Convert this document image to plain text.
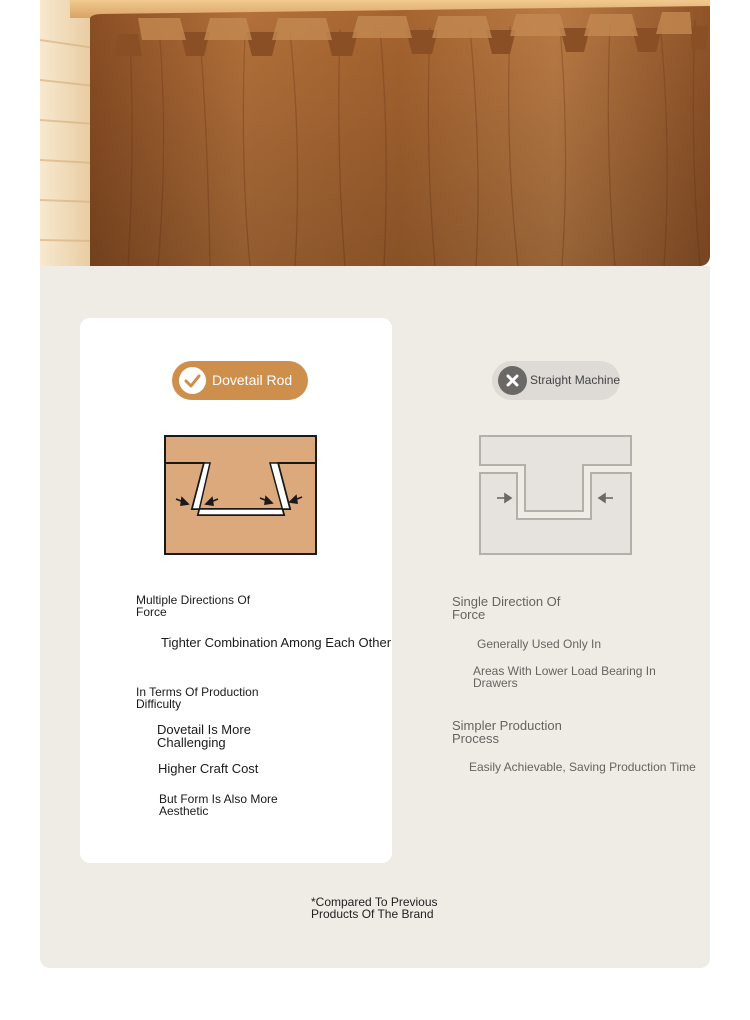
Dovetail Rod	Straight Machine
Multiple Directions Of Force
Tighter Combination Among Each Other
In Terms Of Production Difficulty
Dovetail Is More Challenging
Higher Craft Cost
But Form Is Also More Aesthetic
Single Direction Of Force
Generally Used Only In
Areas With Lower Load Bearing In Drawers
Simpler Production Process
Easily Achievable, Saving Production Time
*Compared To Previous Products Of The Brand
